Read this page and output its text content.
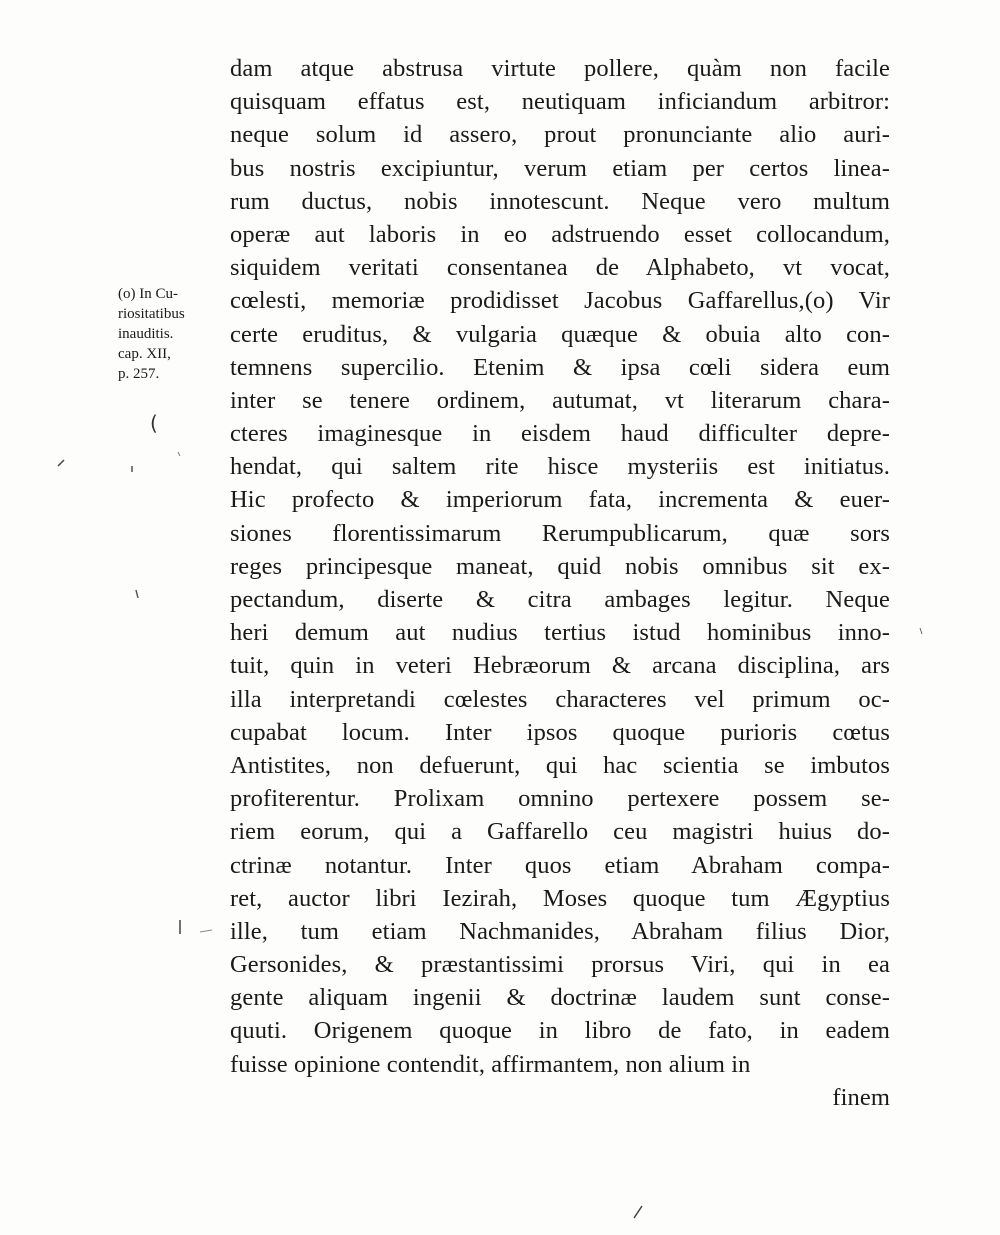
dam atque abstrusa virtute pollere, quàm non facile
quisquam effatus est, neutiquam inficiandum arbitror:
neque solum id assero, prout pronunciante alio auri-
bus nostris excipiuntur, verum etiam per certos linea-
rum ductus, nobis innotescunt. Neque vero multum
operæ aut laboris in eo adstruendo esset collocandum,
siquidem veritati consentanea de Alphabeto, vt vocat,
cœlesti, memoriæ prodidisset Jacobus Gaffarellus,(o) Vir
certe eruditus, & vulgaria quæque & obuia alto con-
temnens supercilio. Etenim & ipsa cœli sidera eum
inter se tenere ordinem, autumat, vt literarum chara-
cteres imaginesque in eisdem haud difficulter depre-
hendat, qui saltem rite hisce mysteriis est initiatus.
Hic profecto & imperiorum fata, incrementa & euer-
siones florentissimarum Rerumpublicarum, quæ sors
reges principesque maneat, quid nobis omnibus sit ex-
pectandum, diserte & citra ambages legitur. Neque
heri demum aut nudius tertius istud hominibus inno-
tuit, quin in veteri Hebræorum & arcana disciplina, ars
illa interpretandi cœlestes characteres vel primum oc-
cupabat locum. Inter ipsos quoque purioris cœtus
Antistites, non defuerunt, qui hac scientia se imbutos
profiterentur. Prolixam omnino pertexere possem se-
riem eorum, qui a Gaffarello ceu magistri huius do-
ctrinæ notantur. Inter quos etiam Abraham compa-
ret, auctor libri Iezirah, Moses quoque tum Ægyptius
ille, tum etiam Nachmanides, Abraham filius Dior,
Gersonides, & præstantissimi prorsus Viri, qui in ea
gente aliquam ingenii & doctrinæ laudem sunt conse-
quuti. Origenem quoque in libro de fato, in eadem
fuisse opinione contendit, affirmantem, non alium in
finem
(o) In Cu-
riositatibus
inauditis.
cap. XII,
p. 257.
(
